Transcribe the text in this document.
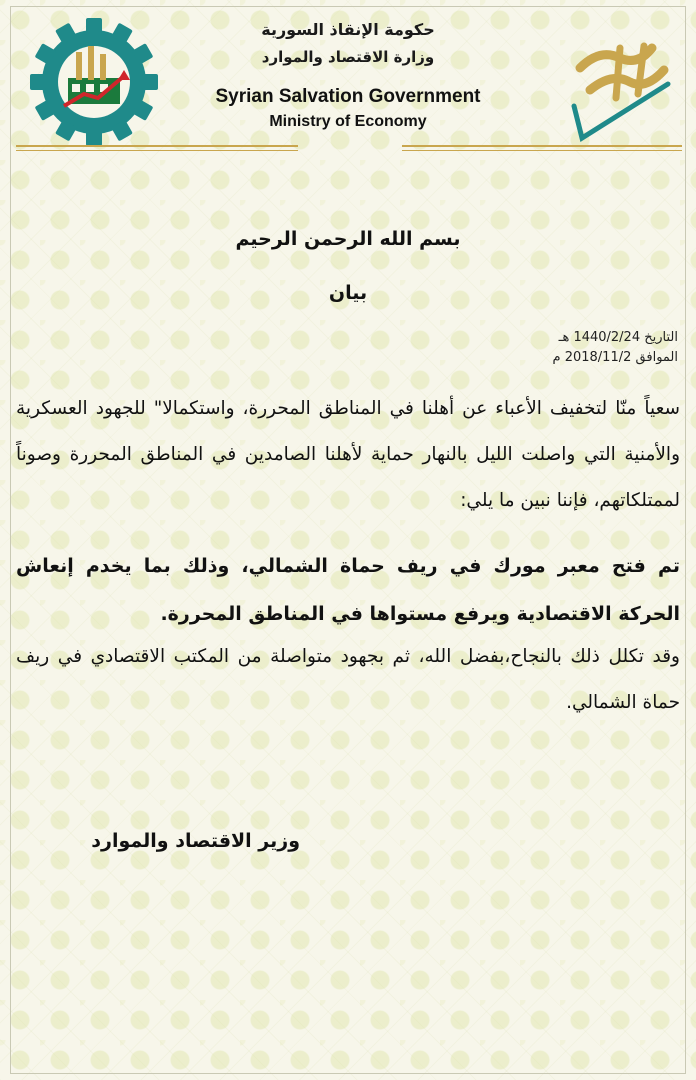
حكومة الإنقاذ السورية
وزارة الاقتصاد والموارد
Syrian Salvation Government
Ministry of Economy
بسم الله الرحمن الرحيم
بيان
التاريخ 1440/2/24 هـ
الموافق 2018/11/2 م
سعياً منّا لتخفيف الأعباء عن أهلنا في المناطق المحررة، واستكمالا" للجهود العسكرية والأمنية التي واصلت الليل بالنهار حماية لأهلنا الصامدين في المناطق المحررة وصوناً لممتلكاتهم، فإننا نبين ما يلي:
تم فتح معبر مورك في ريف حماة الشمالي، وذلك بما يخدم إنعاش الحركة الاقتصادية ويرفع مستواها في المناطق المحررة.
وقد تكلل ذلك بالنجاح،بفضل الله، ثم بجهود متواصلة من المكتب الاقتصادي في ريف حماة الشمالي.
وزير الاقتصاد والموارد
